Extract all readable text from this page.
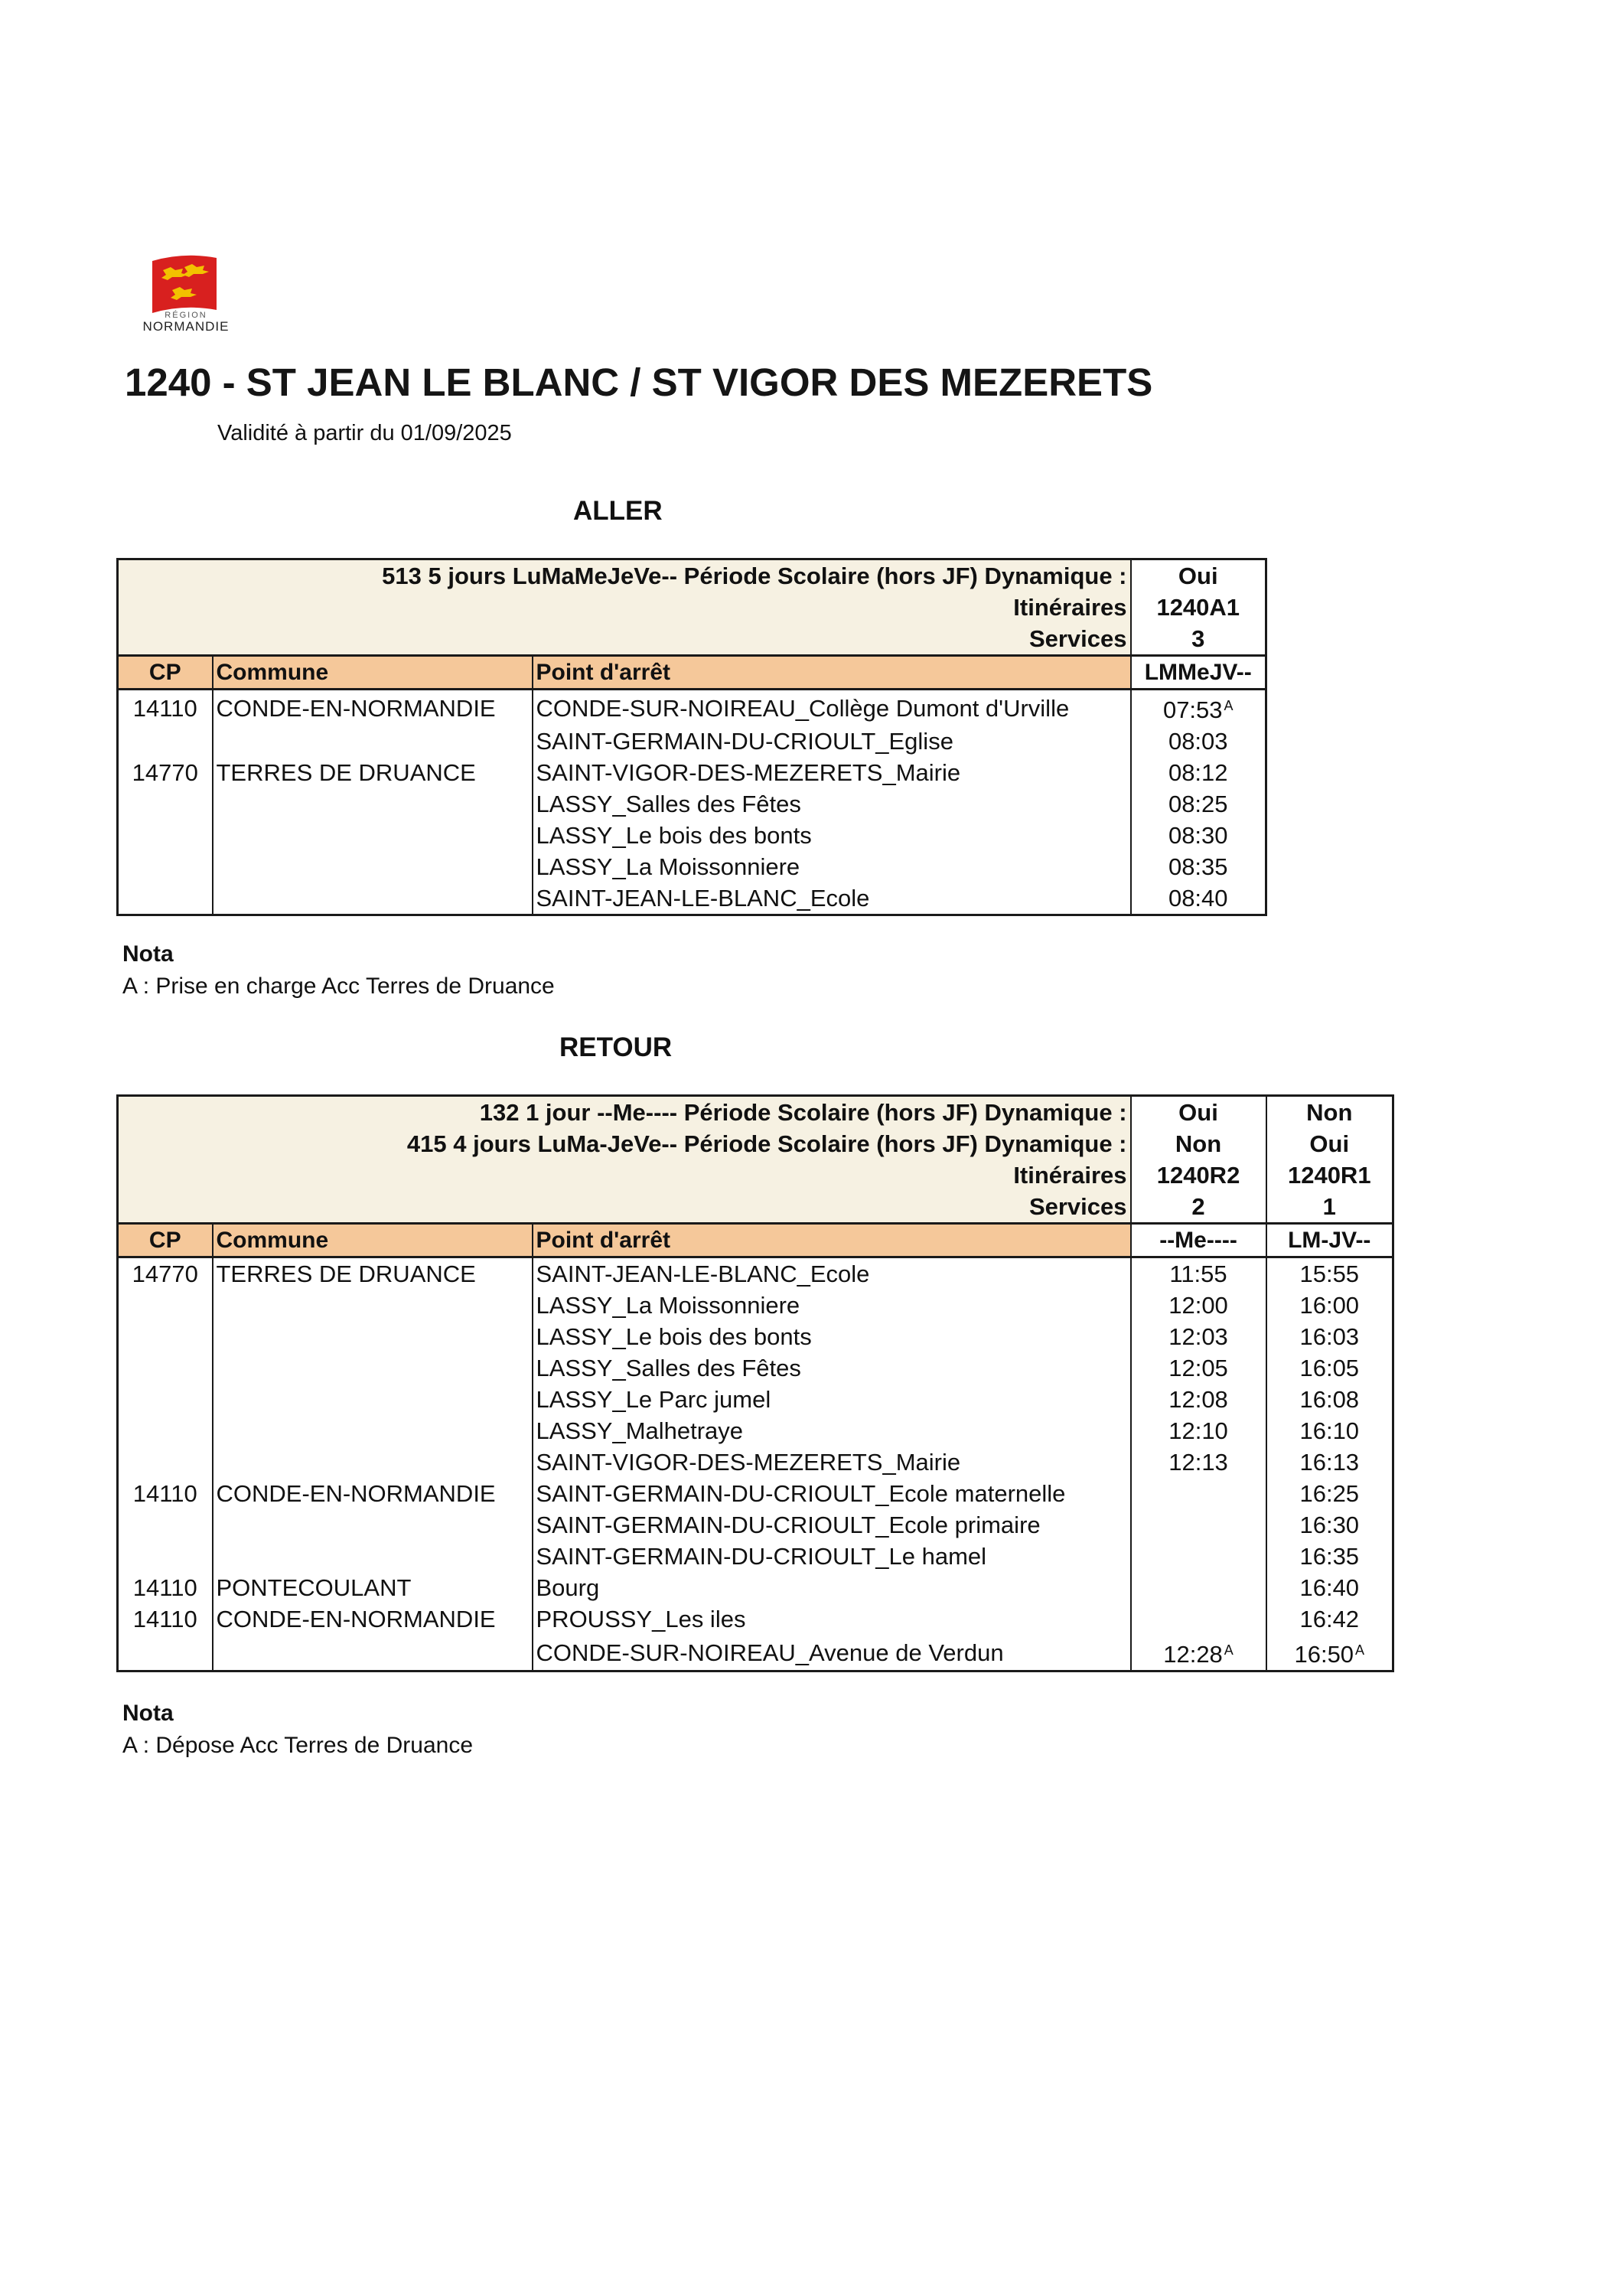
RÉGION
NORMANDIE
1240 - ST JEAN LE BLANC / ST VIGOR DES MEZERETS
Validité à partir du 01/09/2025
ALLER
513 5 jours LuMaMeJeVe-- Période Scolaire (hors JF) Dynamique :			Oui
Itinéraires			1240A1
Services			3
CP	Commune	Point d'arrêt	LMMeJV--
14110	CONDE-EN-NORMANDIE	CONDE-SUR-NOIREAU_Collège Dumont d'Urville	07:53 $^A$
		SAINT-GERMAIN-DU-CRIOULT_Eglise	08:03
14770	TERRES DE DRUANCE	SAINT-VIGOR-DES-MEZERETS_Mairie	08:12
		LASSY_Salles des Fêtes	08:25
		LASSY_Le bois des bonts	08:30
		LASSY_La Moissonniere	08:35
		SAINT-JEAN-LE-BLANC_Ecole	08:40
Nota
A : Prise en charge Acc Terres de Druance
RETOUR
132 1 jour --Me---- Période Scolaire (hors JF) Dynamique :			Oui	Non
415 4 jours LuMa-JeVe-- Période Scolaire (hors JF) Dynamique :			Non	Oui
Itinéraires			1240R2	1240R1
Services			2	1
CP	Commune	Point d'arrêt	--Me----	LM-JV--
14770	TERRES DE DRUANCE	SAINT-JEAN-LE-BLANC_Ecole	11:55	15:55
		LASSY_La Moissonniere	12:00	16:00
		LASSY_Le bois des bonts	12:03	16:03
		LASSY_Salles des Fêtes	12:05	16:05
		LASSY_Le Parc jumel	12:08	16:08
		LASSY_Malhetraye	12:10	16:10
		SAINT-VIGOR-DES-MEZERETS_Mairie	12:13	16:13
14110	CONDE-EN-NORMANDIE	SAINT-GERMAIN-DU-CRIOULT_Ecole maternelle		16:25
		SAINT-GERMAIN-DU-CRIOULT_Ecole primaire		16:30
		SAINT-GERMAIN-DU-CRIOULT_Le hamel		16:35
14110	PONTECOULANT	Bourg		16:40
14110	CONDE-EN-NORMANDIE	PROUSSY_Les iles		16:42
		CONDE-SUR-NOIREAU_Avenue de Verdun	12:28 $^A$	16:50 $^A$
Nota
A : Dépose Acc Terres de Druance
